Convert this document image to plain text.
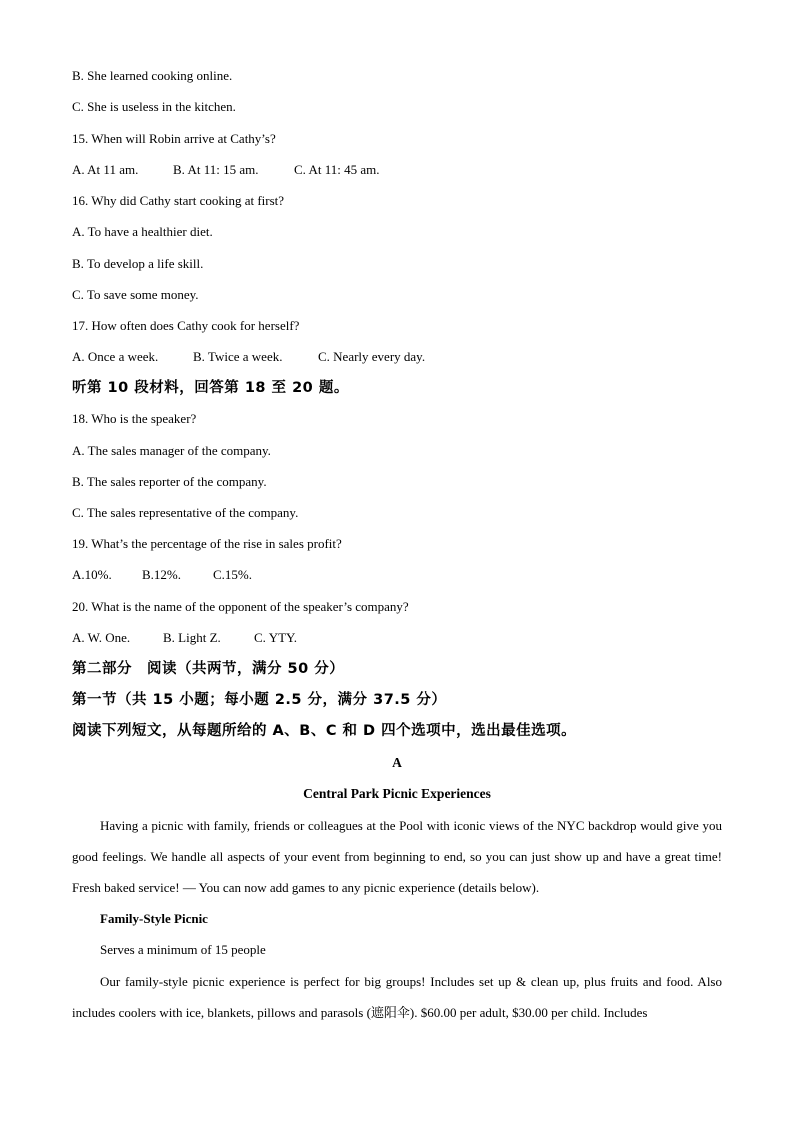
B. She learned cooking online.
C. She is useless in the kitchen.
15. When will Robin arrive at Cathy’s?
A. At 11 am.	B. At 11: 15 am.	C. At 11: 45 am.
16. Why did Cathy start cooking at first?
A. To have a healthier diet.
B. To develop a life skill.
C. To save some money.
17. How often does Cathy cook for herself?
A. Once a week.	B. Twice a week.	C. Nearly every day.
听第 10 段材料，回答第 18 至 20 题。
18. Who is the speaker?
A. The sales manager of the company.
B. The sales reporter of the company.
C. The sales representative of the company.
19. What’s the percentage of the rise in sales profit?
A.10%. B.12%. C.15%.
20. What is the name of the opponent of the speaker’s company?
A. W. One.	B. Light Z.	C. YTY.
第二部分　阅读（共两节，满分 50 分）
第一节（共 15 小题；每小题 2.5 分，满分 37.5 分）
阅读下列短文，从每题所给的 A、B、C 和 D 四个选项中，选出最佳选项。
A
Central Park Picnic Experiences
Having a picnic with family, friends or colleagues at the Pool with iconic views of the NYC backdrop would give you good feelings. We handle all aspects of your event from beginning to end, so you can just show up and have a great time! Fresh baked service! — You can now add games to any picnic experience (details below).
Family-Style Picnic
Serves a minimum of 15 people
Our family-style picnic experience is perfect for big groups! Includes set up & clean up, plus fruits and food. Also includes coolers with ice, blankets, pillows and parasols (遮阳伞). $60.00 per adult, $30.00 per child. Includes
